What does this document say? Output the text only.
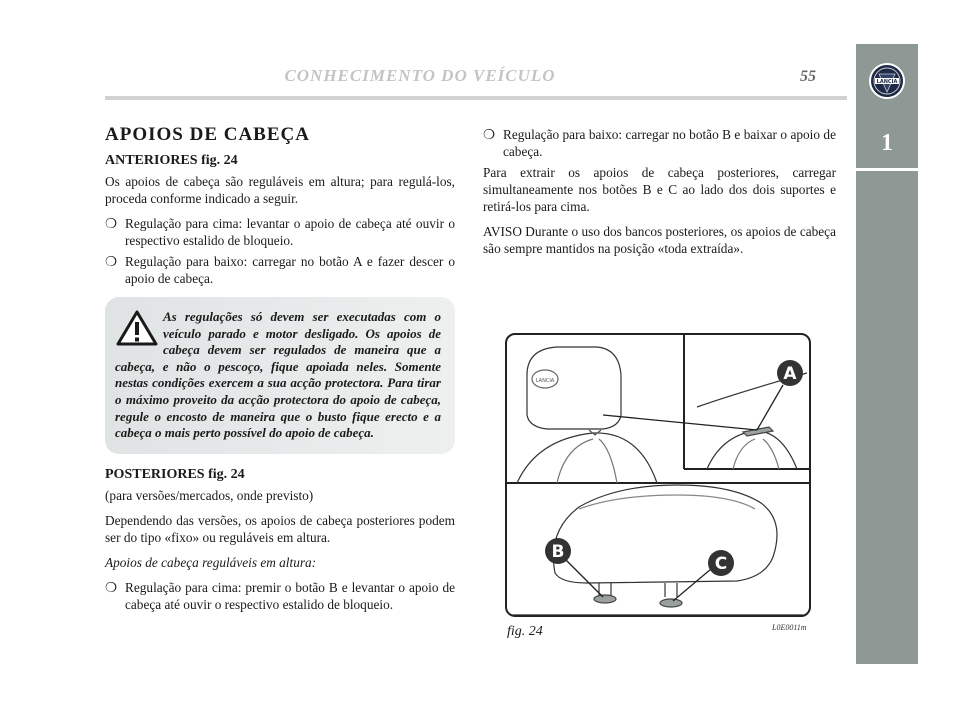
CONHECIMENTO DO VEÍCULO	55
1
LANCIA
APOIOS DE CABEÇA
ANTERIORES fig. 24

Os apoios de cabeça são reguláveis em altura; para regulá-los, proceda conforme indicado a seguir.

❍ Regulação para cima: levantar o apoio de cabeça até ouvir o respectivo estalido de bloqueio.
❍ Regulação para baixo: carregar no botão A e fazer descer o apoio de cabeça.
As regulações só devem ser executadas com o veículo parado e motor desligado. Os apoios de cabeça devem ser regulados de maneira que a cabeça, e não o pescoço, fique apoiada neles. Somente nestas condições exercem a sua acção protectora. Para tirar o máximo proveito da acção protectora do apoio de cabeça, regule o encosto de maneira que o busto fique erecto e a cabeça o mais perto possível do apoio de cabeça.
POSTERIORES fig. 24

(para versões/mercados, onde previsto)

Dependendo das versões, os apoios de cabeça posteriores podem ser do tipo «fixo» ou reguláveis em altura.

Apoios de cabeça reguláveis em altura:

❍ Regulação para cima: premir o botão B e levantar o apoio de cabeça até ouvir o respectivo estalido de bloqueio.
❍ Regulação para baixo: carregar no botão B e baixar o apoio de cabeça.

Para extrair os apoios de cabeça posteriores, carregar simultaneamente nos botões B e C ao lado dos dois suportes e retirá-los para cima.

AVISO Durante o uso dos bancos posteriores, os apoios de cabeça são sempre mantidos na posição «toda extraída».

LANCIA	A
B
C
fig. 24	L0E0011m
